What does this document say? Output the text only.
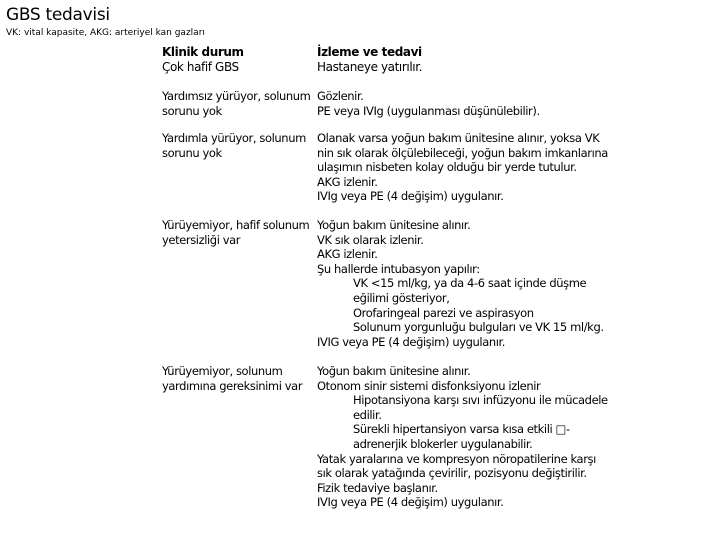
GBS tedavisi
VK: vital kapasite, AKG: arteriyel kan gazları
Klinik durum
Çok hafif GBS
İzleme ve tedavi
Hastaneye yatırılır.
Yardımsız yürüyor, solunum
sorunu yok
Gözlenir.
PE veya IVIg (uygulanması düşünülebilir).
Yardımla yürüyor, solunum
sorunu yok
Olanak varsa yoğun bakım ünitesine alınır, yoksa VK
nin sık olarak ölçülebileceği, yoğun bakım imkanlarına
ulaşımın nisbeten kolay olduğu bir yerde tutulur.
AKG izlenir.
IVIg veya PE (4 değişim) uygulanır.
Yürüyemiyor, hafif solunum
yetersizliği var
Yoğun bakım ünitesine alınır.
VK sık olarak izlenir.
AKG izlenir.
Şu hallerde intubasyon yapılır:
VK <15 ml/kg, ya da 4-6 saat içinde düşme
eğilimi gösteriyor,
Orofaringeal parezi ve aspirasyon
Solunum yorgunluğu bulguları ve VK 15 ml/kg.
IVIG veya PE (4 değişim) uygulanır.
Yürüyemiyor, solunum
yardımına gereksinimi var
Yoğun bakım ünitesine alınır.
Otonom sinir sistemi disfonksiyonu izlenir
Hipotansiyona karşı sıvı infüzyonu ile mücadele
edilir.
Sürekli hipertansiyon varsa kısa etkili □-
adrenerjik blokerler uygulanabilir.
Yatak yaralarına ve kompresyon nöropatilerine karşı
sık olarak yatağında çevirilir, pozisyonu değiştirilir.
Fizik tedaviye başlanır.
IVIg veya PE (4 değişim) uygulanır.
